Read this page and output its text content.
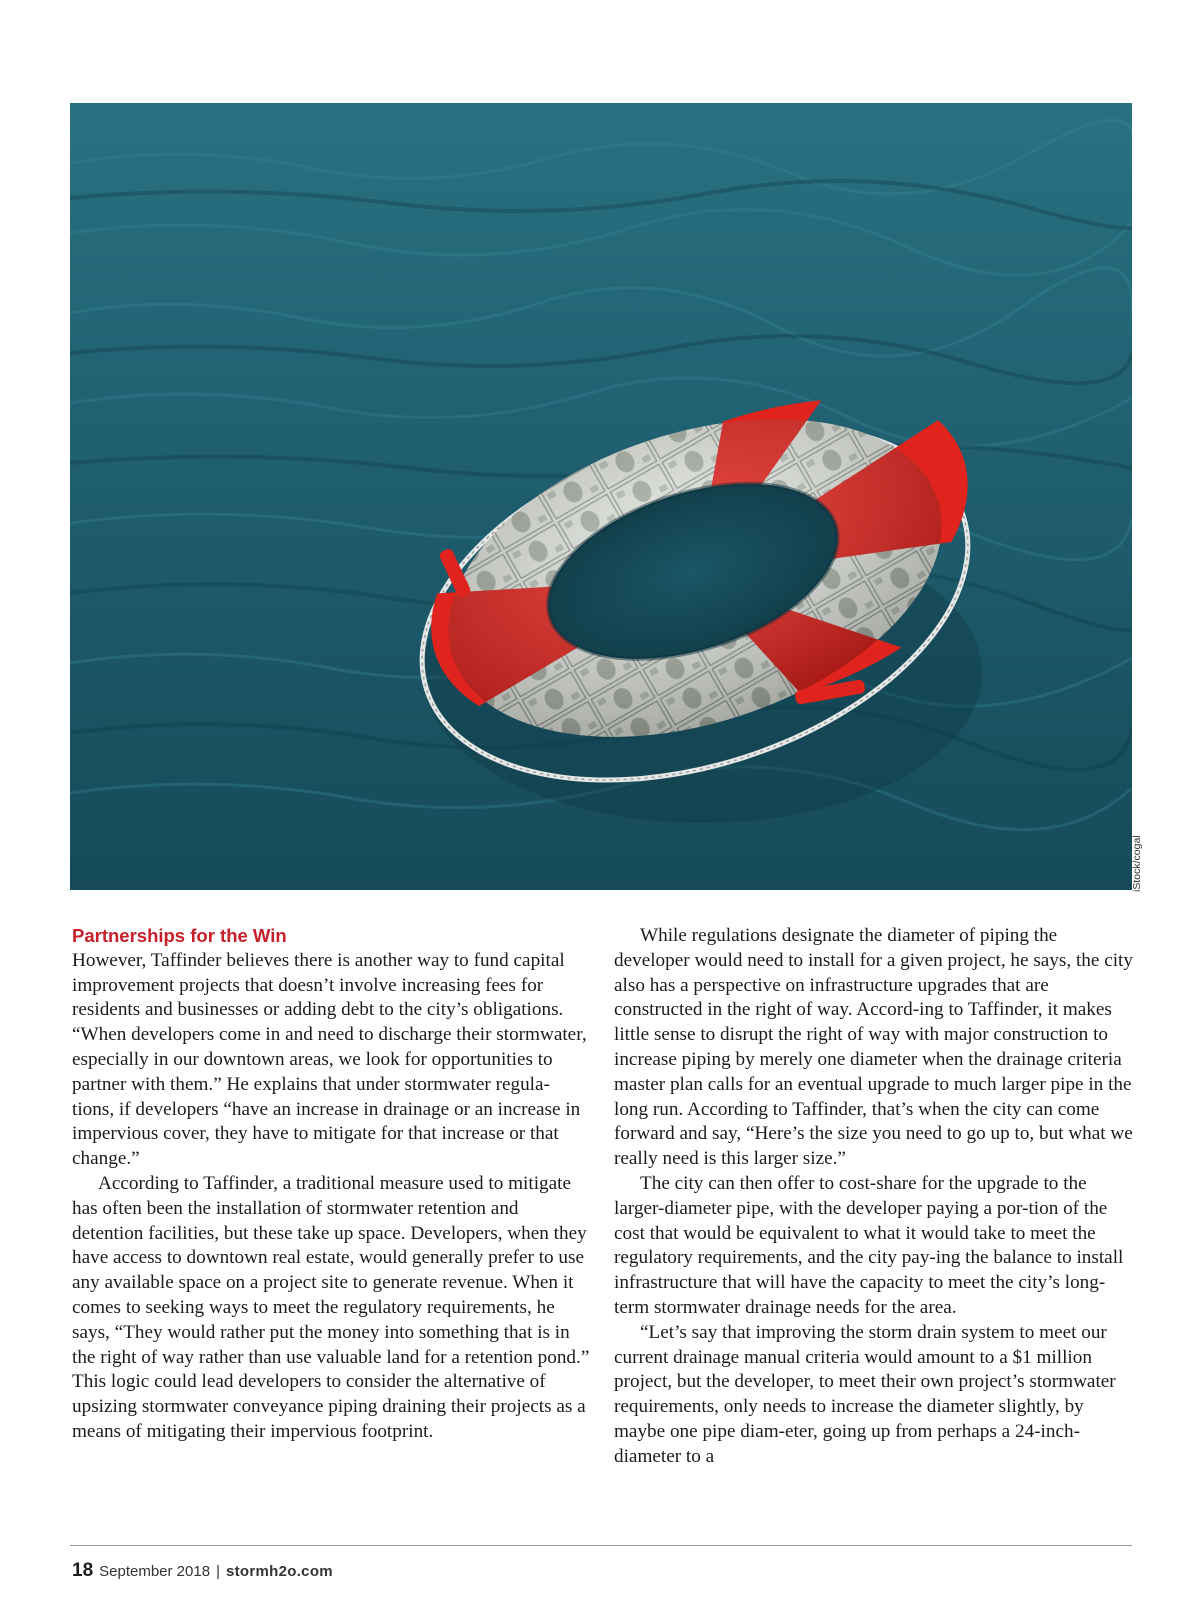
iStock/cogal
Partnerships for the Win

However, Taffinder believes there is another way to fund capital improvement projects that doesn’t involve increasing fees for residents and businesses or adding debt to the city’s obligations. “When developers come in and need to discharge their stormwater, especially in our downtown areas, we look for opportunities to partner with them.” He explains that under stormwater regula-tions, if developers “have an increase in drainage or an increase in impervious cover, they have to mitigate for that increase or that change.”

According to Taffinder, a traditional measure used to mitigate has often been the installation of stormwater retention and detention facilities, but these take up space. Developers, when they have access to downtown real estate, would generally prefer to use any available space on a project site to generate revenue. When it comes to seeking ways to meet the regulatory requirements, he says, “They would rather put the money into something that is in the right of way rather than use valuable land for a retention pond.” This logic could lead developers to consider the alternative of upsizing stormwater conveyance piping draining their projects as a means of mitigating their impervious footprint.

While regulations designate the diameter of piping the developer would need to install for a given project, he says, the city also has a perspective on infrastructure upgrades that are constructed in the right of way. Accord-ing to Taffinder, it makes little sense to disrupt the right of way with major construction to increase piping by merely one diameter when the drainage criteria master plan calls for an eventual upgrade to much larger pipe in the long run. According to Taffinder, that’s when the city can come forward and say, “Here’s the size you need to go up to, but what we really need is this larger size.”

The city can then offer to cost-share for the upgrade to the larger-diameter pipe, with the developer paying a por-tion of the cost that would be equivalent to what it would take to meet the regulatory requirements, and the city pay-ing the balance to install infrastructure that will have the capacity to meet the city’s long-term stormwater drainage needs for the area.

“Let’s say that improving the storm drain system to meet our current drainage manual criteria would amount to a $1 million project, but the developer, to meet their own project’s stormwater requirements, only needs to increase the diameter slightly, by maybe one pipe diam-eter, going up from perhaps a 24-inch-diameter to a

18 September 2018 | stormh2o.com
